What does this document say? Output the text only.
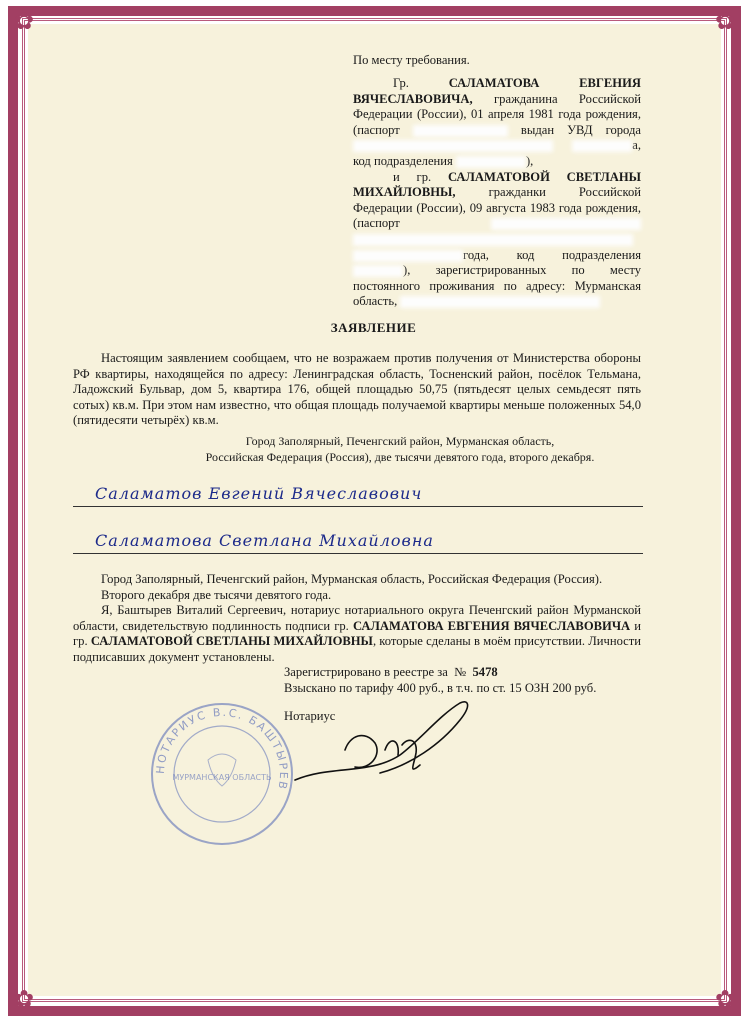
✿	✿
✿	✿
По месту требования.

Гр.	САЛАМАТОВА ЕВГЕНИЯ ВЯЧЕСЛАВОВИЧА, гражданина Российской Федерации (России), 01 апреля 1981 года рождения, (паспорт	выдан УВД города  а, код подразделения	),

и гр. САЛАМАТОВОЙ СВЕТЛАНЫ МИХАЙЛОВНЫ,	гражданки Российской Федерации (России), 09 августа 1983 года рождения, (паспорт   года, код подразделения ), зарегистрированных по месту постоянного проживания по адресу: Мурманская область,

ЗАЯВЛЕНИЕ

Настоящим заявлением сообщаем, что не возражаем против получения от Министерства обороны РФ квартиры, находящейся по адресу: Ленинградская область, Тосненский район, посёлок Тельмана, Ладожский Бульвар, дом 5, квартира 176, общей площадью 50,75 (пятьдесят целых семьдесят пять сотых) кв.м. При этом нам известно, что общая площадь получаемой квартиры меньше положенных 54,0 (пятидесяти четырёх) кв.м.

Город Заполярный, Печенгский район, Мурманская область,
Российская Федерация (Россия), две тысячи девятого года, второго декабря.
Саламатов Евгений Вячеславович
Саламатова Светлана Михайловна

Город Заполярный, Печенгский район, Мурманская область, Российская Федерация (Россия).

Второго декабря две тысячи девятого года.

Я, Баштырев Виталий Сергеевич, нотариус нотариального округа Печенгский район Мурманской области, свидетельствую подлинность подписи гр. САЛАМАТОВА ЕВГЕНИЯ ВЯЧЕСЛАВОВИЧА и гр. САЛАМАТОВОЙ СВЕТЛАНЫ МИХАЙЛОВНЫ, которые сделаны в моём присутствии. Личности подписавших документ установлены.

Зарегистрировано в реестре за № 5478

Взыскано по тарифу 400 руб., в т.ч. по ст. 15 ОЗН 200 руб.

Нотариус
НОТАРИУС В.С. БАШТЫРЕВ
МУРМАНСКАЯ ОБЛАСТЬ
